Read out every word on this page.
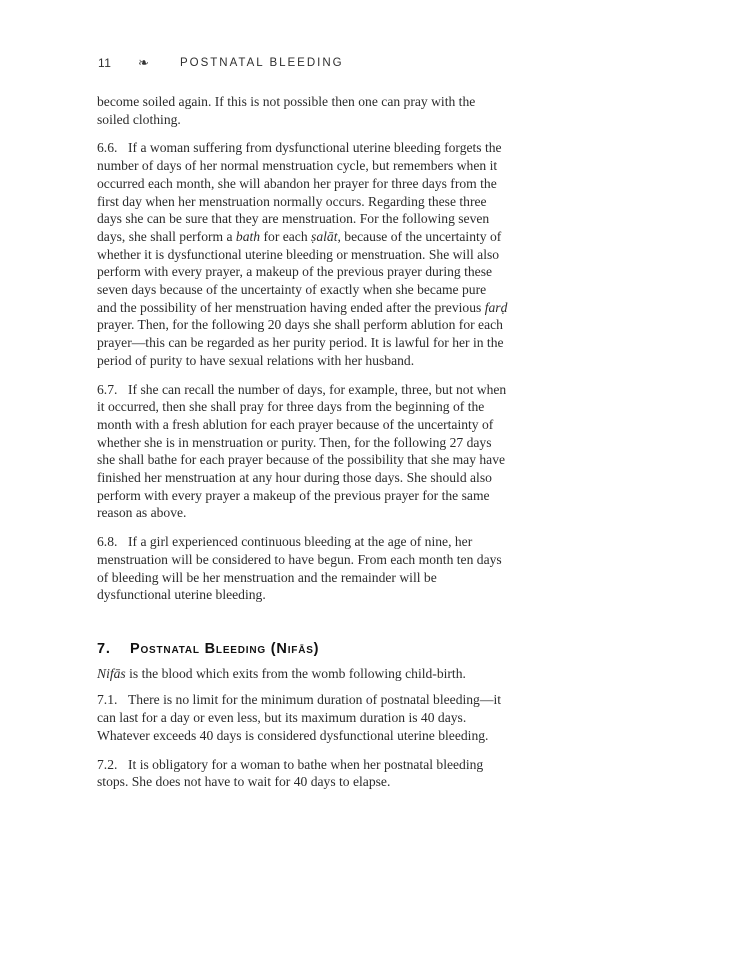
11	❧	POSTNATAL BLEEDING

become soiled again. If this is not possible then one can pray with the soiled clothing.

6.6. If a woman suffering from dysfunctional uterine bleeding forgets the number of days of her normal menstruation cycle, but remembers when it occurred each month, she will abandon her prayer for three days from the first day when her menstruation normally occurs. Regarding these three days she can be sure that they are menstruation. For the following seven days, she shall perform a bath for each ṣalāt, because of the uncertainty of whether it is dysfunctional uterine bleeding or menstruation. She will also perform with every prayer, a makeup of the previous prayer during these seven days because of the uncertainty of exactly when she became pure and the possibility of her menstruation having ended after the previous farḍ prayer. Then, for the following 20 days she shall perform ablution for each prayer—this can be regarded as her purity period. It is lawful for her in the period of purity to have sexual relations with her husband.

6.7. If she can recall the number of days, for example, three, but not when it occurred, then she shall pray for three days from the beginning of the month with a fresh ablution for each prayer because of the uncertainty of whether she is in menstruation or purity. Then, for the following 27 days she shall bathe for each prayer because of the possibility that she may have finished her menstruation at any hour during those days. She should also perform with every prayer a makeup of the previous prayer for the same reason as above.

6.8. If a girl experienced continuous bleeding at the age of nine, her menstruation will be considered to have begun. From each month ten days of bleeding will be her menstruation and the remainder will be dysfunctional uterine bleeding.

7.	Postnatal Bleeding (Nifās)

Nifās is the blood which exits from the womb following child-birth.

7.1. There is no limit for the minimum duration of postnatal bleeding—it can last for a day or even less, but its maximum duration is 40 days. Whatever exceeds 40 days is considered dysfunctional uterine bleeding.

7.2. It is obligatory for a woman to bathe when her postnatal bleeding stops. She does not have to wait for 40 days to elapse.
